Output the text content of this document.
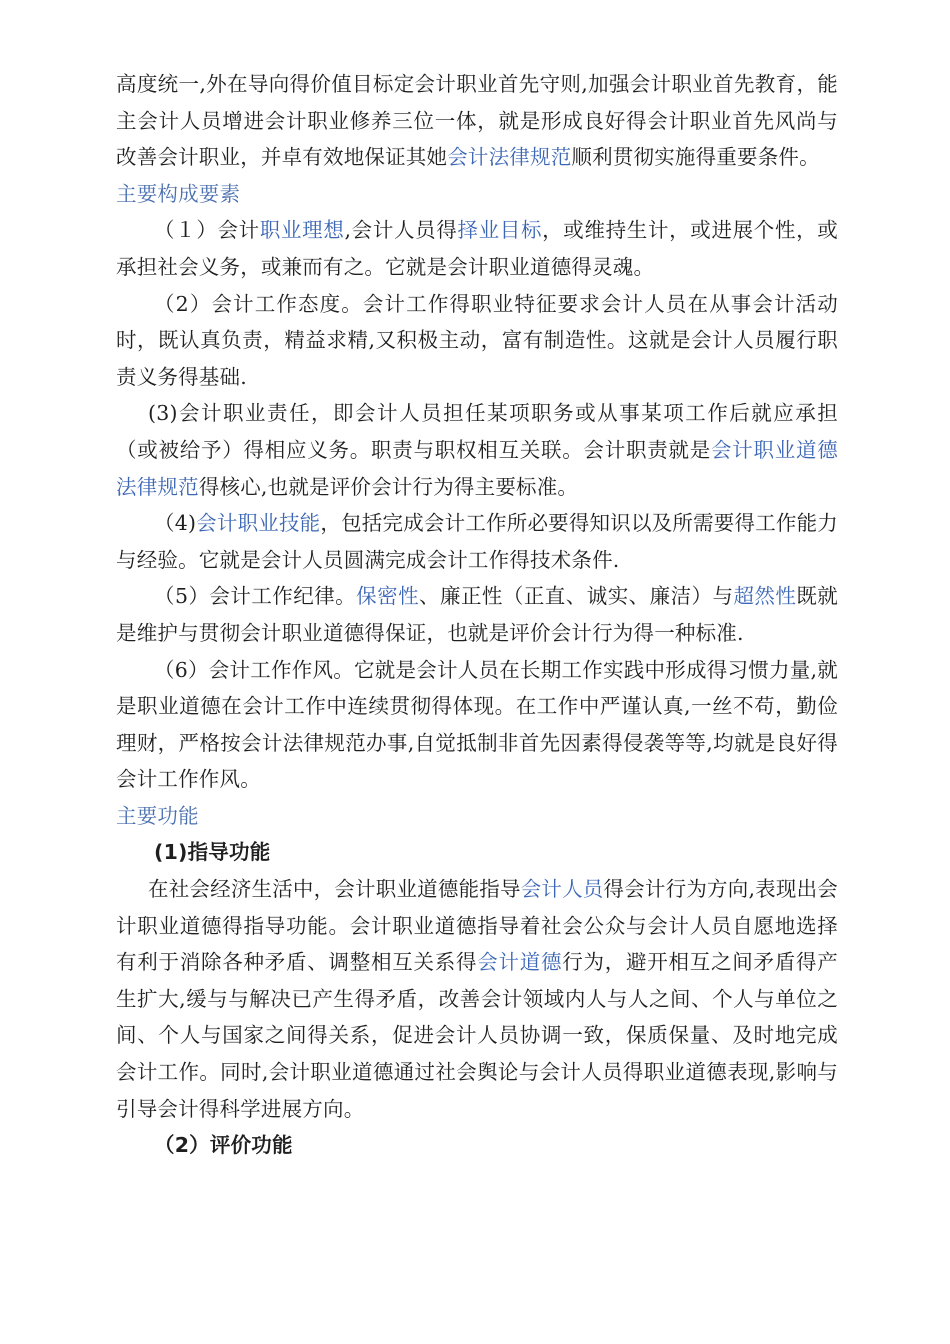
高度统一,外在导向得价值目标定会计职业首先守则,加强会计职业首先教育，能主会计人员增进会计职业修养三位一体，就是形成良好得会计职业首先风尚与改善会计职业，并卓有效地保证其她会计法律规范顺利贯彻实施得重要条件。

主要构成要素

（１）会计职业理想,会计人员得择业目标，或维持生计，或进展个性，或承担社会义务，或兼而有之。它就是会计职业道德得灵魂。

（2）会计工作态度。会计工作得职业特征要求会计人员在从事会计活动时，既认真负责，精益求精,又积极主动，富有制造性。这就是会计人员履行职责义务得基础.

(3)会计职业责任，即会计人员担任某项职务或从事某项工作后就应承担（或被给予）得相应义务。职责与职权相互关联。会计职责就是会计职业道德法律规范得核心,也就是评价会计行为得主要标准。

（4)会计职业技能，包括完成会计工作所必要得知识以及所需要得工作能力与经验。它就是会计人员圆满完成会计工作得技术条件.

（5）会计工作纪律。保密性、廉正性（正直、诚实、廉洁）与超然性既就是维护与贯彻会计职业道德得保证，也就是评价会计行为得一种标准.

（6）会计工作作风。它就是会计人员在长期工作实践中形成得习惯力量,就是职业道德在会计工作中连续贯彻得体现。在工作中严谨认真,一丝不苟，勤俭理财，严格按会计法律规范办事,自觉抵制非首先因素得侵袭等等,均就是良好得会计工作作风。

主要功能

(1)指导功能

在社会经济生活中，会计职业道德能指导会计人员得会计行为方向,表现出会计职业道德得指导功能。会计职业道德指导着社会公众与会计人员自愿地选择有利于消除各种矛盾、调整相互关系得会计道德行为，避开相互之间矛盾得产生扩大,缓与与解决已产生得矛盾，改善会计领域内人与人之间、个人与单位之间、个人与国家之间得关系，促进会计人员协调一致，保质保量、及时地完成会计工作。同时,会计职业道德通过社会舆论与会计人员得职业道德表现,影响与引导会计得科学进展方向。

（2）评价功能
